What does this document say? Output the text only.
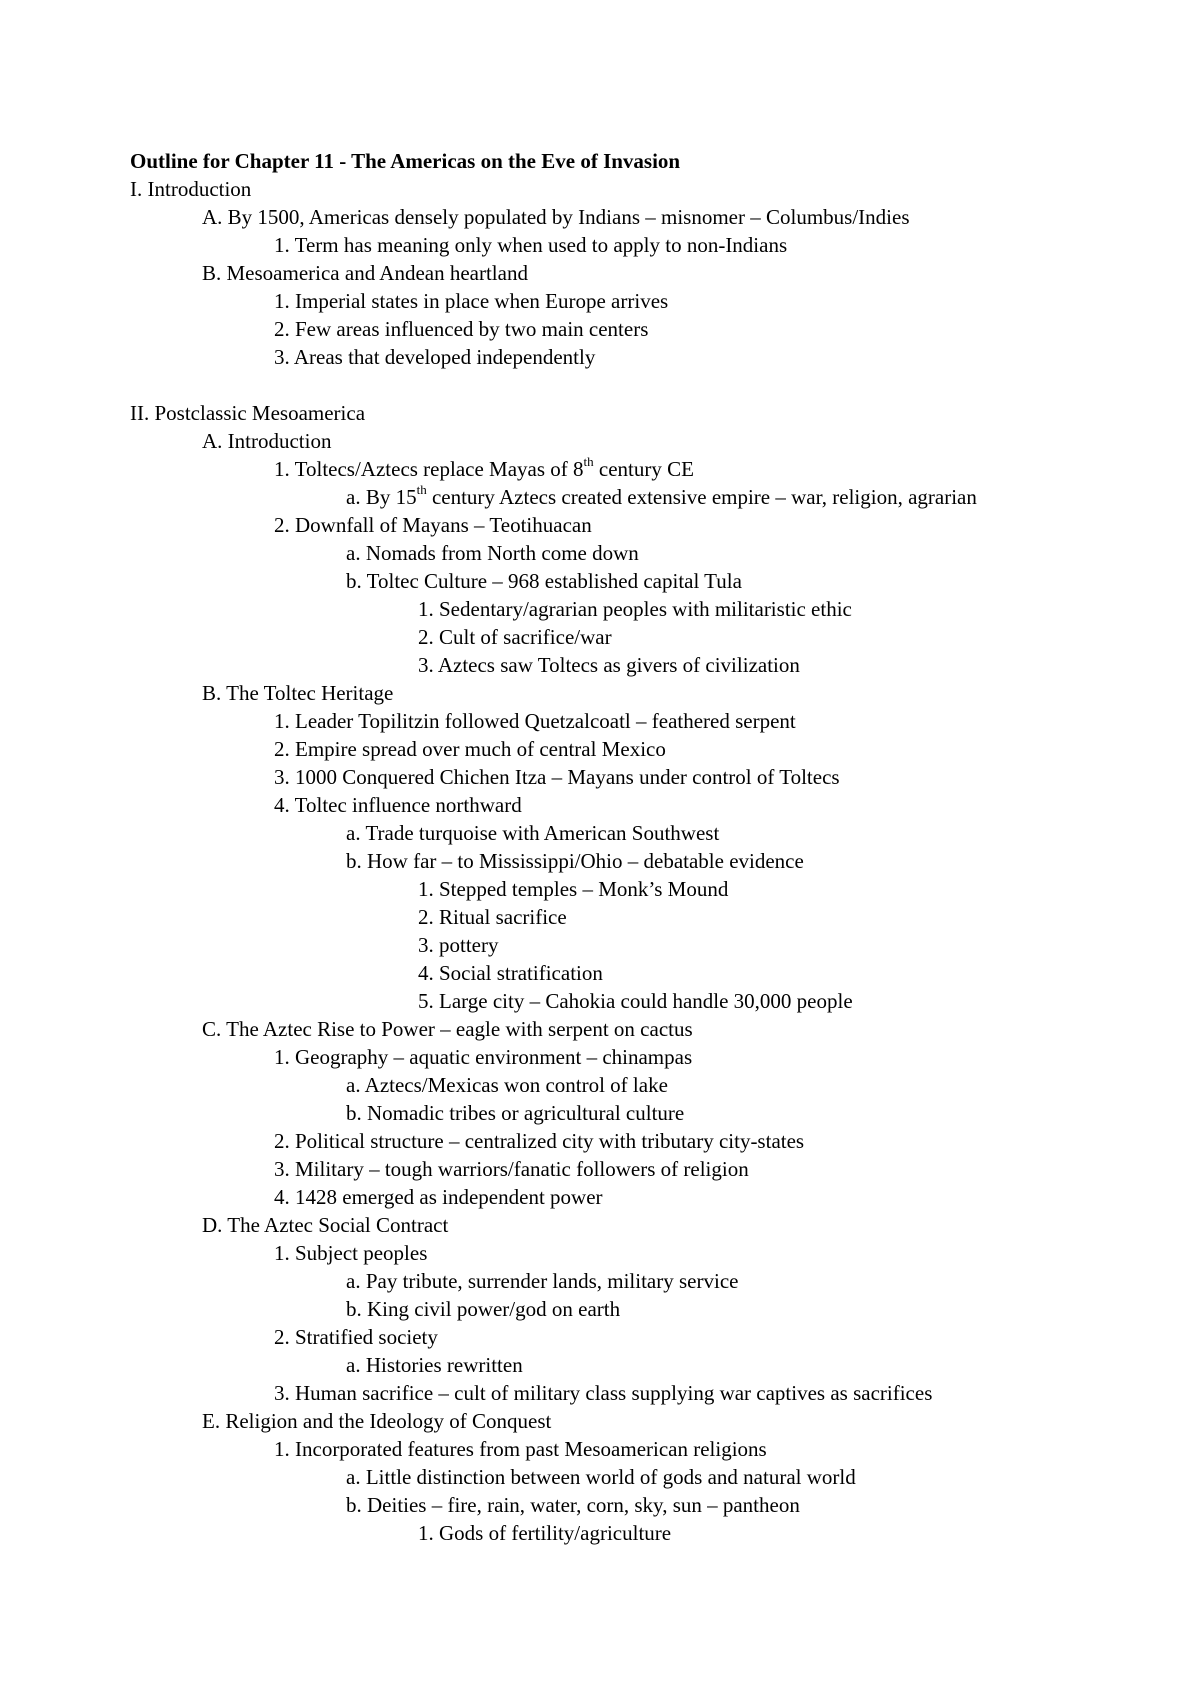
Outline for Chapter 11 - The Americas on the Eve of Invasion
I. Introduction
A. By 1500, Americas densely populated by Indians – misnomer – Columbus/Indies
1. Term has meaning only when used to apply to non-Indians
B. Mesoamerica and Andean heartland
1. Imperial states in place when Europe arrives
2. Few areas influenced by two main centers
3. Areas that developed independently
II. Postclassic Mesoamerica
A. Introduction
1. Toltecs/Aztecs replace Mayas of 8th century CE
a. By 15th century Aztecs created extensive empire – war, religion, agrarian
2. Downfall of Mayans – Teotihuacan
a. Nomads from North come down
b. Toltec Culture – 968 established capital Tula
1. Sedentary/agrarian peoples with militaristic ethic
2. Cult of sacrifice/war
3. Aztecs saw Toltecs as givers of civilization
B. The Toltec Heritage
1. Leader Topilitzin followed Quetzalcoatl – feathered serpent
2. Empire spread over much of central Mexico
3. 1000 Conquered Chichen Itza – Mayans under control of Toltecs
4. Toltec influence northward
a. Trade turquoise with American Southwest
b. How far – to Mississippi/Ohio – debatable evidence
1. Stepped temples – Monk’s Mound
2. Ritual sacrifice
3. pottery
4. Social stratification
5. Large city – Cahokia could handle 30,000 people
C. The Aztec Rise to Power – eagle with serpent on cactus
1. Geography – aquatic environment – chinampas
a. Aztecs/Mexicas won control of lake
b. Nomadic tribes or agricultural culture
2. Political structure – centralized city with tributary city-states
3. Military – tough warriors/fanatic followers of religion
4. 1428 emerged as independent power
D. The Aztec Social Contract
1. Subject peoples
a. Pay tribute, surrender lands, military service
b. King civil power/god on earth
2. Stratified society
a. Histories rewritten
3. Human sacrifice – cult of military class supplying war captives as sacrifices
E. Religion and the Ideology of Conquest
1. Incorporated features from past Mesoamerican religions
a. Little distinction between world of gods and natural world
b. Deities – fire, rain, water, corn, sky, sun – pantheon
1. Gods of fertility/agriculture
